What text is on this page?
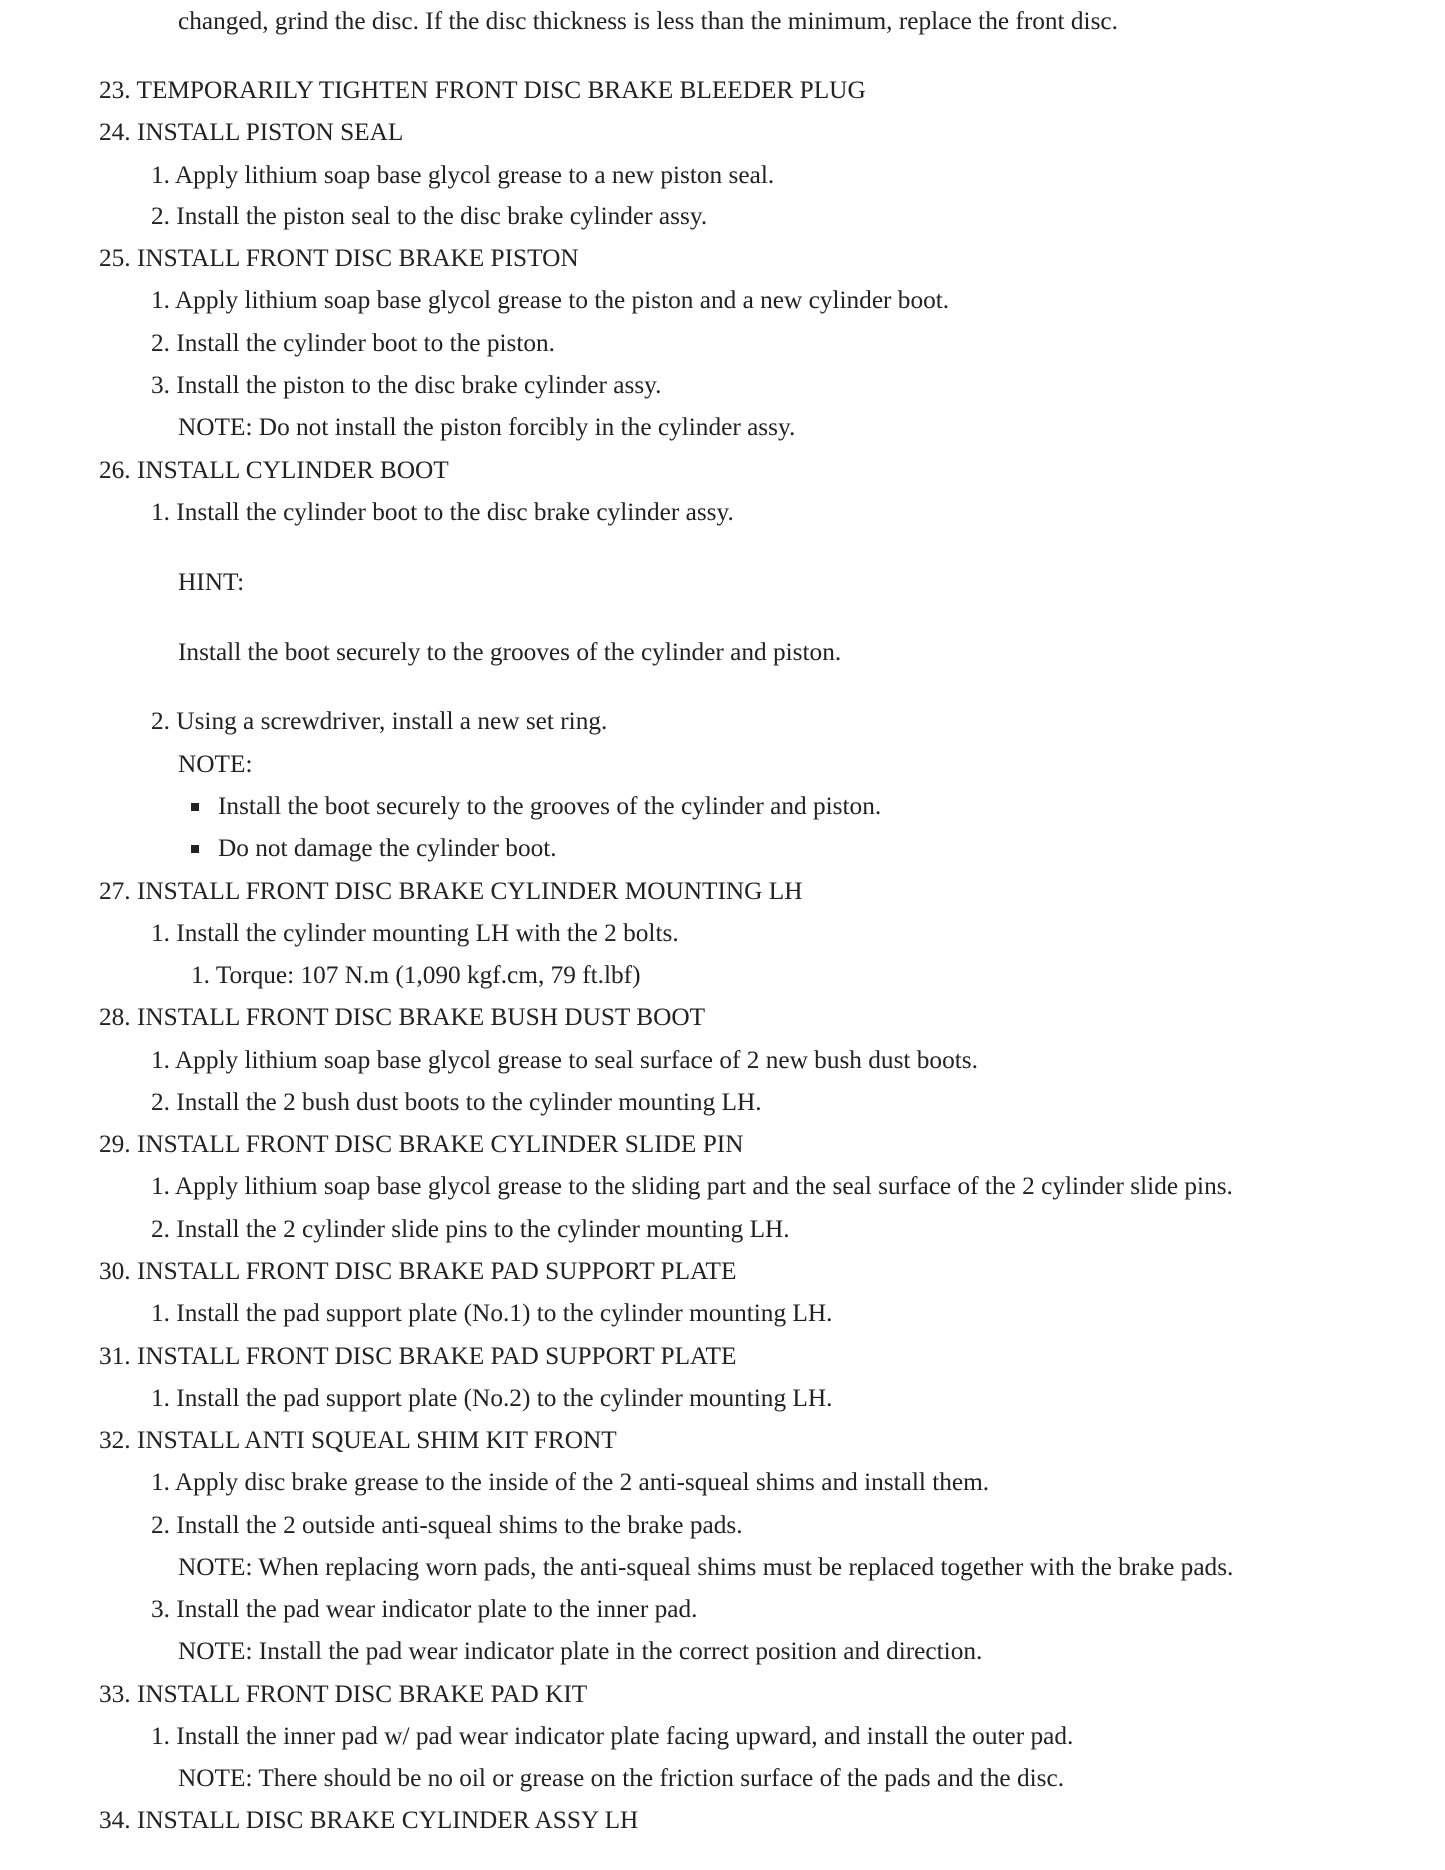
changed, grind the disc. If the disc thickness is less than the minimum, replace the front disc.
23. TEMPORARILY TIGHTEN FRONT DISC BRAKE BLEEDER PLUG
24. INSTALL PISTON SEAL
1. Apply lithium soap base glycol grease to a new piston seal.
2. Install the piston seal to the disc brake cylinder assy.
25. INSTALL FRONT DISC BRAKE PISTON
1. Apply lithium soap base glycol grease to the piston and a new cylinder boot.
2. Install the cylinder boot to the piston.
3. Install the piston to the disc brake cylinder assy.
NOTE: Do not install the piston forcibly in the cylinder assy.
26. INSTALL CYLINDER BOOT
1. Install the cylinder boot to the disc brake cylinder assy.
HINT:
Install the boot securely to the grooves of the cylinder and piston.
2. Using a screwdriver, install a new set ring.
NOTE:
Install the boot securely to the grooves of the cylinder and piston.
Do not damage the cylinder boot.
27. INSTALL FRONT DISC BRAKE CYLINDER MOUNTING LH
1. Install the cylinder mounting LH with the 2 bolts.
1. Torque: 107 N.m (1,090 kgf.cm, 79 ft.lbf)
28. INSTALL FRONT DISC BRAKE BUSH DUST BOOT
1. Apply lithium soap base glycol grease to seal surface of 2 new bush dust boots.
2. Install the 2 bush dust boots to the cylinder mounting LH.
29. INSTALL FRONT DISC BRAKE CYLINDER SLIDE PIN
1. Apply lithium soap base glycol grease to the sliding part and the seal surface of the 2 cylinder slide pins.
2. Install the 2 cylinder slide pins to the cylinder mounting LH.
30. INSTALL FRONT DISC BRAKE PAD SUPPORT PLATE
1. Install the pad support plate (No.1) to the cylinder mounting LH.
31. INSTALL FRONT DISC BRAKE PAD SUPPORT PLATE
1. Install the pad support plate (No.2) to the cylinder mounting LH.
32. INSTALL ANTI SQUEAL SHIM KIT FRONT
1. Apply disc brake grease to the inside of the 2 anti-squeal shims and install them.
2. Install the 2 outside anti-squeal shims to the brake pads.
NOTE: When replacing worn pads, the anti-squeal shims must be replaced together with the brake pads.
3. Install the pad wear indicator plate to the inner pad.
NOTE: Install the pad wear indicator plate in the correct position and direction.
33. INSTALL FRONT DISC BRAKE PAD KIT
1. Install the inner pad w/ pad wear indicator plate facing upward, and install the outer pad.
NOTE: There should be no oil or grease on the friction surface of the pads and the disc.
34. INSTALL DISC BRAKE CYLINDER ASSY LH
